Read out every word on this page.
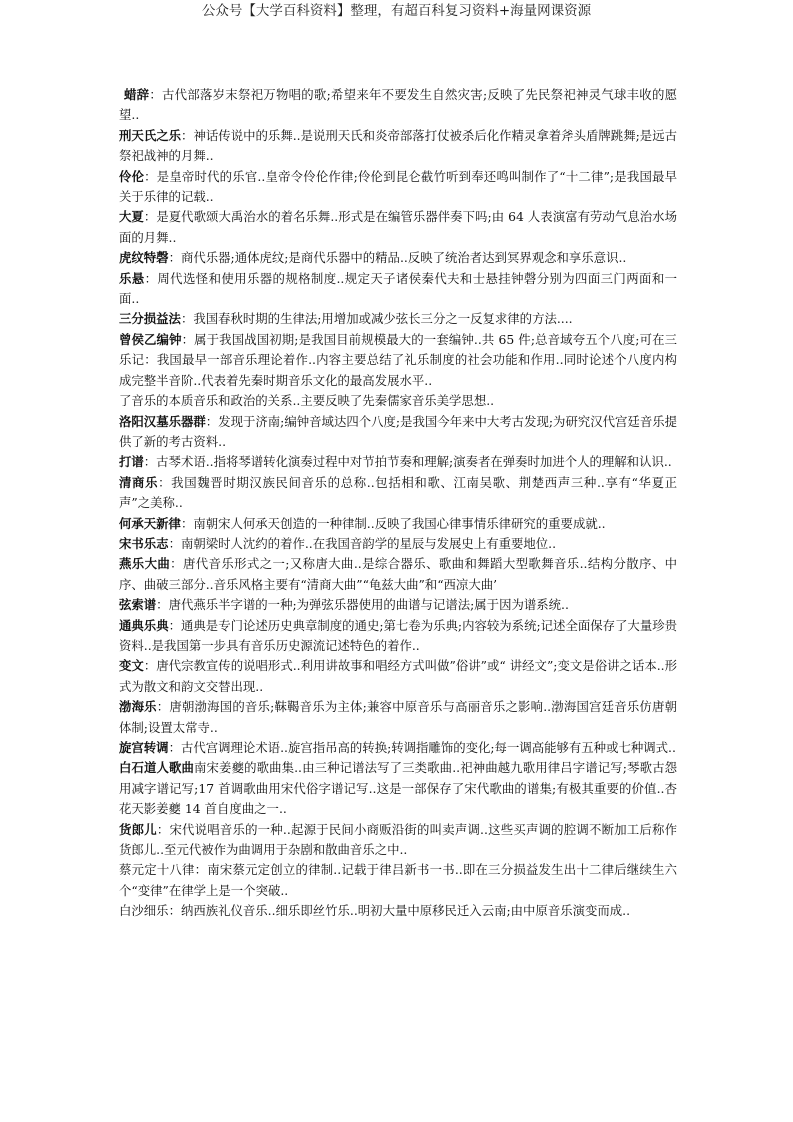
公众号【大学百科资料】整理，有超百科复习资料+海量网课资源

蜡辞：古代部落岁末祭祀万物唱的歌;希望来年不要发生自然灾害;反映了先民祭祀神灵气球丰收的愿望..

刑天氏之乐：神话传说中的乐舞..是说刑天氏和炎帝部落打仗被杀后化作精灵拿着斧头盾牌跳舞;是远古祭祀战神的月舞..

伶伦：是皇帝时代的乐官..皇帝令伶伦作律;伶伦到昆仑截竹听到奉还鸣叫制作了“十二律”;是我国最早关于乐律的记载..

大夏：是夏代歌颂大禹治水的着名乐舞..形式是在编管乐器伴奏下吗;由 64 人表演富有劳动气息治水场面的月舞..

虎纹特磬：商代乐器;通体虎纹;是商代乐器中的精品..反映了统治者达到冥界观念和享乐意识..

乐悬：周代选怪和使用乐器的规格制度..规定天子诸侯秦代夫和士悬挂钟磬分别为四面三门两面和一面..

三分损益法：我国春秋时期的生律法;用增加或减少弦长三分之一反复求律的方法....

曾侯乙编钟：属于我国战国初期;是我国目前规模最大的一套编钟..共 65 件;总音域夸五个八度;可在三乐记：我国最早一部音乐理论着作..内容主要总结了礼乐制度的社会功能和作用..同时论述个八度内构成完整半音阶..代表着先秦时期音乐文化的最高发展水平..

了音乐的本质音乐和政治的关系..主要反映了先秦儒家音乐美学思想..

洛阳汉墓乐器群：发现于济南;编钟音域达四个八度;是我国今年来中大考古发现;为研究汉代宫廷音乐提供了新的考古资料..

打谱：古琴术语..指将琴谱转化演奏过程中对节拍节奏和理解;演奏者在弹奏时加进个人的理解和认识..

清商乐：我国魏晋时期汉族民间音乐的总称..包括相和歌、江南吴歌、荆楚西声三种..享有“华夏正声”之美称..

何承天新律：南朝宋人何承天创造的一种律制..反映了我国心律事情乐律研究的重要成就..

宋书乐志：南朝梁时人沈约的着作..在我国音韵学的星辰与发展史上有重要地位..

燕乐大曲：唐代音乐形式之一;又称唐大曲..是综合器乐、歌曲和舞蹈大型歌舞音乐..结构分散序、中序、曲破三部分..音乐风格主要有“清商大曲”“龟兹大曲”和“西凉大曲’

弦索谱：唐代燕乐半字谱的一种;为弹弦乐器使用的曲谱与记谱法;属于因为谱系统..

通典乐典：通典是专门论述历史典章制度的通史;第七卷为乐典;内容较为系统;记述全面保存了大量珍贵资料..是我国第一步具有音乐历史源流记述特色的着作..

变文：唐代宗教宣传的说唱形式..利用讲故事和唱经方式叫做”俗讲”或“ 讲经文”;变文是俗讲之话本..形式为散文和韵文交替出现..

渤海乐：唐朝渤海国的音乐;靺鞨音乐为主体;兼容中原音乐与高丽音乐之影响..渤海国宫廷音乐仿唐朝体制;设置太常寺..

旋宫转调：古代宫调理论术语..旋宫指吊高的转换;转调指雕饰的变化;每一调高能够有五种或七种调式..

白石道人歌曲南宋姜夔的歌曲集..由三种记谱法写了三类歌曲..祀神曲越九歌用律吕字谱记写;琴歌古怨用减字谱记写;17 首调歌曲用宋代俗字谱记写..这是一部保存了宋代歌曲的谱集;有极其重要的价值..杏花天影姜夔 14 首自度曲之一..

货郎儿：宋代说唱音乐的一种..起源于民间小商贩沿街的叫卖声调..这些买声调的腔调不断加工后称作货郎儿..至元代被作为曲调用于杂剧和散曲音乐之中..

蔡元定十八律：南宋蔡元定创立的律制..记载于律吕新书一书..即在三分损益发生出十二律后继续生六个“变律”在律学上是一个突破..

白沙细乐：纳西族礼仪音乐..细乐即丝竹乐..明初大量中原移民迁入云南;由中原音乐演变而成..
